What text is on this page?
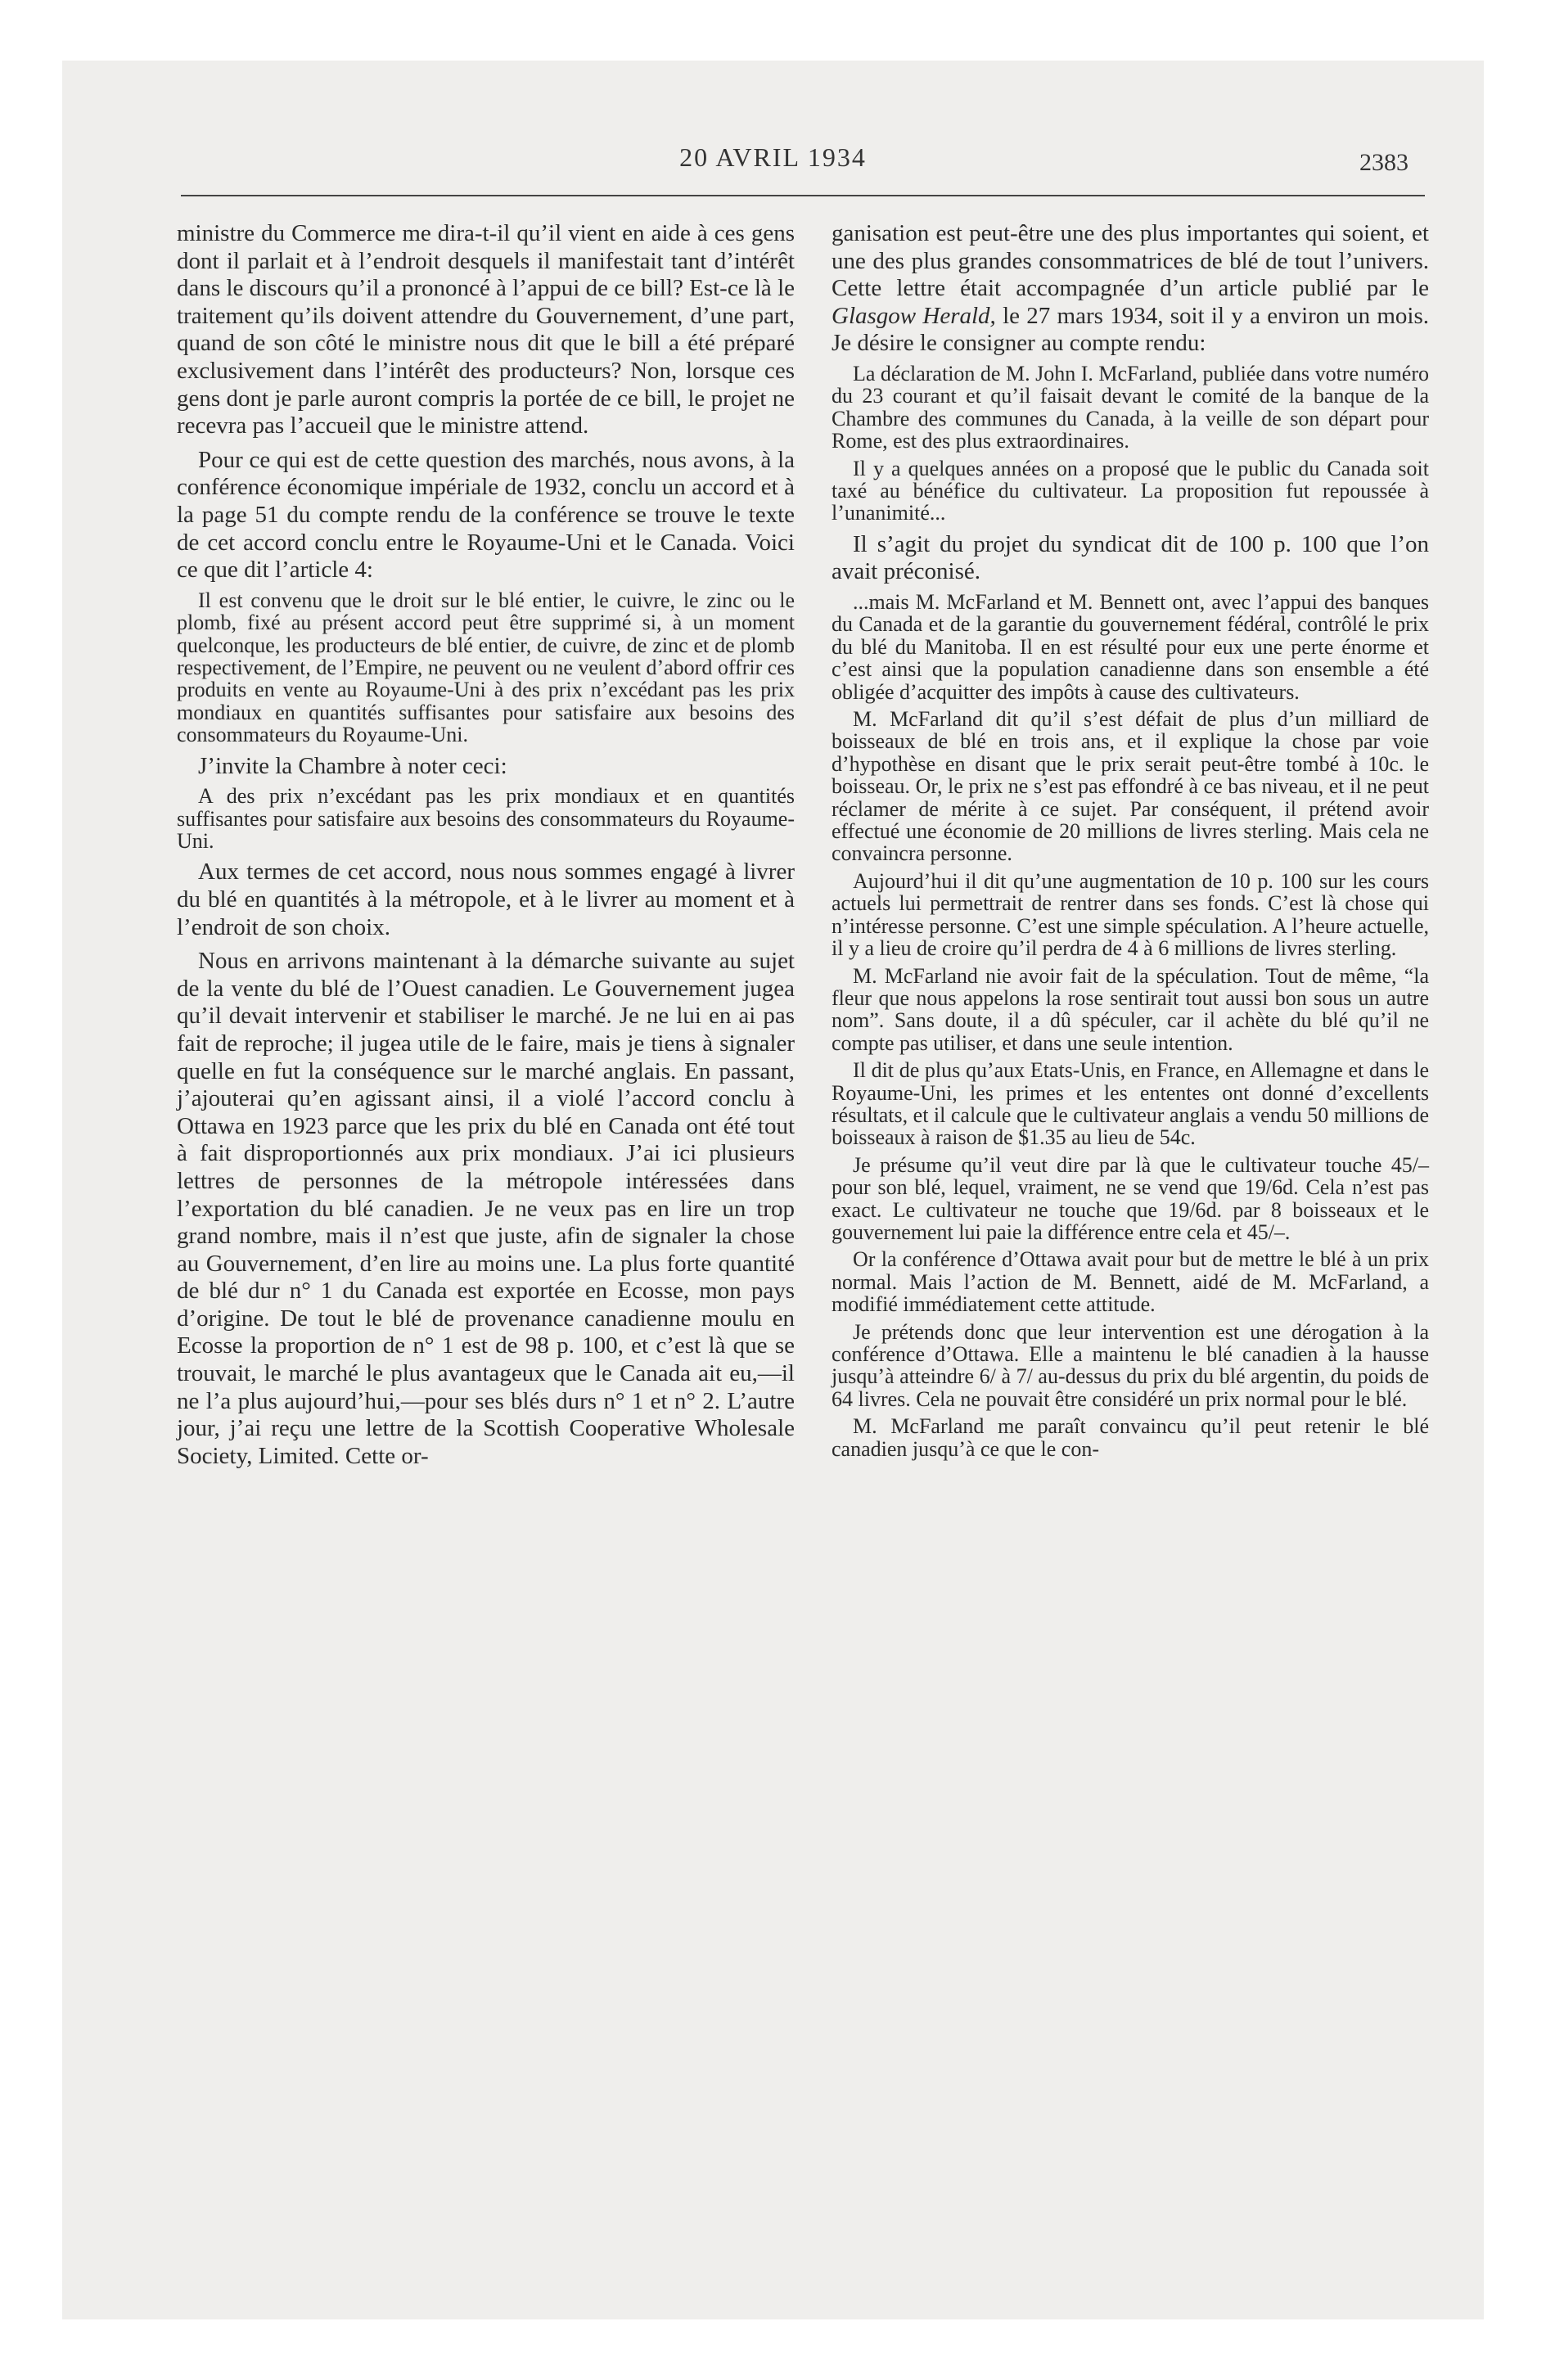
20 AVRIL 1934	2383

ministre du Commerce me dira-t-il qu’il vient en aide à ces gens dont il parlait et à l’endroit desquels il manifestait tant d’intérêt dans le discours qu’il a prononcé à l’appui de ce bill? Est-ce là le traitement qu’ils doivent attendre du Gouvernement, d’une part, quand de son côté le ministre nous dit que le bill a été préparé exclusivement dans l’intérêt des producteurs? Non, lorsque ces gens dont je parle auront compris la portée de ce bill, le projet ne recevra pas l’accueil que le ministre attend.

Pour ce qui est de cette question des marchés, nous avons, à la conférence économique impériale de 1932, conclu un accord et à la page 51 du compte rendu de la conférence se trouve le texte de cet accord conclu entre le Royaume-Uni et le Canada. Voici ce que dit l’article 4:

Il est convenu que le droit sur le blé entier, le cuivre, le zinc ou le plomb, fixé au présent accord peut être supprimé si, à un moment quelconque, les producteurs de blé entier, de cuivre, de zinc et de plomb respectivement, de l’Empire, ne peuvent ou ne veulent d’abord offrir ces produits en vente au Royaume-Uni à des prix n’excédant pas les prix mondiaux en quantités suffisantes pour satisfaire aux besoins des consommateurs du Royaume-Uni.

J’invite la Chambre à noter ceci:

A des prix n’excédant pas les prix mondiaux et en quantités suffisantes pour satisfaire aux besoins des consommateurs du Royaume-Uni.

Aux termes de cet accord, nous nous sommes engagé à livrer du blé en quantités à la métropole, et à le livrer au moment et à l’endroit de son choix.

Nous en arrivons maintenant à la démarche suivante au sujet de la vente du blé de l’Ouest canadien. Le Gouvernement jugea qu’il devait intervenir et stabiliser le marché. Je ne lui en ai pas fait de reproche; il jugea utile de le faire, mais je tiens à signaler quelle en fut la conséquence sur le marché anglais. En passant, j’ajouterai qu’en agissant ainsi, il a violé l’accord conclu à Ottawa en 1923 parce que les prix du blé en Canada ont été tout à fait disproportionnés aux prix mondiaux. J’ai ici plusieurs lettres de personnes de la métropole intéressées dans l’exportation du blé canadien. Je ne veux pas en lire un trop grand nombre, mais il n’est que juste, afin de signaler la chose au Gouvernement, d’en lire au moins une. La plus forte quantité de blé dur n° 1 du Canada est exportée en Ecosse, mon pays d’origine. De tout le blé de provenance canadienne moulu en Ecosse la proportion de n° 1 est de 98 p. 100, et c’est là que se trouvait, le marché le plus avantageux que le Canada ait eu,—il ne l’a plus aujourd’hui,—pour ses blés durs n° 1 et n° 2. L’autre jour, j’ai reçu une lettre de la Scottish Cooperative Wholesale Society, Limited. Cette or-

ganisation est peut-être une des plus importantes qui soient, et une des plus grandes consommatrices de blé de tout l’univers. Cette lettre était accompagnée d’un article publié par le Glasgow Herald, le 27 mars 1934, soit il y a environ un mois. Je désire le consigner au compte rendu:

La déclaration de M. John I. McFarland, publiée dans votre numéro du 23 courant et qu’il faisait devant le comité de la banque de la Chambre des communes du Canada, à la veille de son départ pour Rome, est des plus extraordinaires.

Il y a quelques années on a proposé que le public du Canada soit taxé au bénéfice du cultivateur. La proposition fut repoussée à l’unanimité...

Il s’agit du projet du syndicat dit de 100 p. 100 que l’on avait préconisé.

...mais M. McFarland et M. Bennett ont, avec l’appui des banques du Canada et de la garantie du gouvernement fédéral, contrôlé le prix du blé du Manitoba. Il en est résulté pour eux une perte énorme et c’est ainsi que la population canadienne dans son ensemble a été obligée d’acquitter des impôts à cause des cultivateurs.

M. McFarland dit qu’il s’est défait de plus d’un milliard de boisseaux de blé en trois ans, et il explique la chose par voie d’hypothèse en disant que le prix serait peut-être tombé à 10c. le boisseau. Or, le prix ne s’est pas effondré à ce bas niveau, et il ne peut réclamer de mérite à ce sujet. Par conséquent, il prétend avoir effectué une économie de 20 millions de livres sterling. Mais cela ne convaincra personne.

Aujourd’hui il dit qu’une augmentation de 10 p. 100 sur les cours actuels lui permettrait de rentrer dans ses fonds. C’est là chose qui n’intéresse personne. C’est une simple spéculation. A l’heure actuelle, il y a lieu de croire qu’il perdra de 4 à 6 millions de livres sterling.

M. McFarland nie avoir fait de la spéculation. Tout de même, “la fleur que nous appelons la rose sentirait tout aussi bon sous un autre nom”. Sans doute, il a dû spéculer, car il achète du blé qu’il ne compte pas utiliser, et dans une seule intention.

Il dit de plus qu’aux Etats-Unis, en France, en Allemagne et dans le Royaume-Uni, les primes et les ententes ont donné d’excellents résultats, et il calcule que le cultivateur anglais a vendu 50 millions de boisseaux à raison de $1.35 au lieu de 54c.

Je présume qu’il veut dire par là que le cultivateur touche 45/– pour son blé, lequel, vraiment, ne se vend que 19/6d. Cela n’est pas exact. Le cultivateur ne touche que 19/6d. par 8 boisseaux et le gouvernement lui paie la différence entre cela et 45/–.

Or la conférence d’Ottawa avait pour but de mettre le blé à un prix normal. Mais l’action de M. Bennett, aidé de M. McFarland, a modifié immédiatement cette attitude.

Je prétends donc que leur intervention est une dérogation à la conférence d’Ottawa. Elle a maintenu le blé canadien à la hausse jusqu’à atteindre 6/ à 7/ au-dessus du prix du blé argentin, du poids de 64 livres. Cela ne pouvait être considéré un prix normal pour le blé.

M. McFarland me paraît convaincu qu’il peut retenir le blé canadien jusqu’à ce que le con-
